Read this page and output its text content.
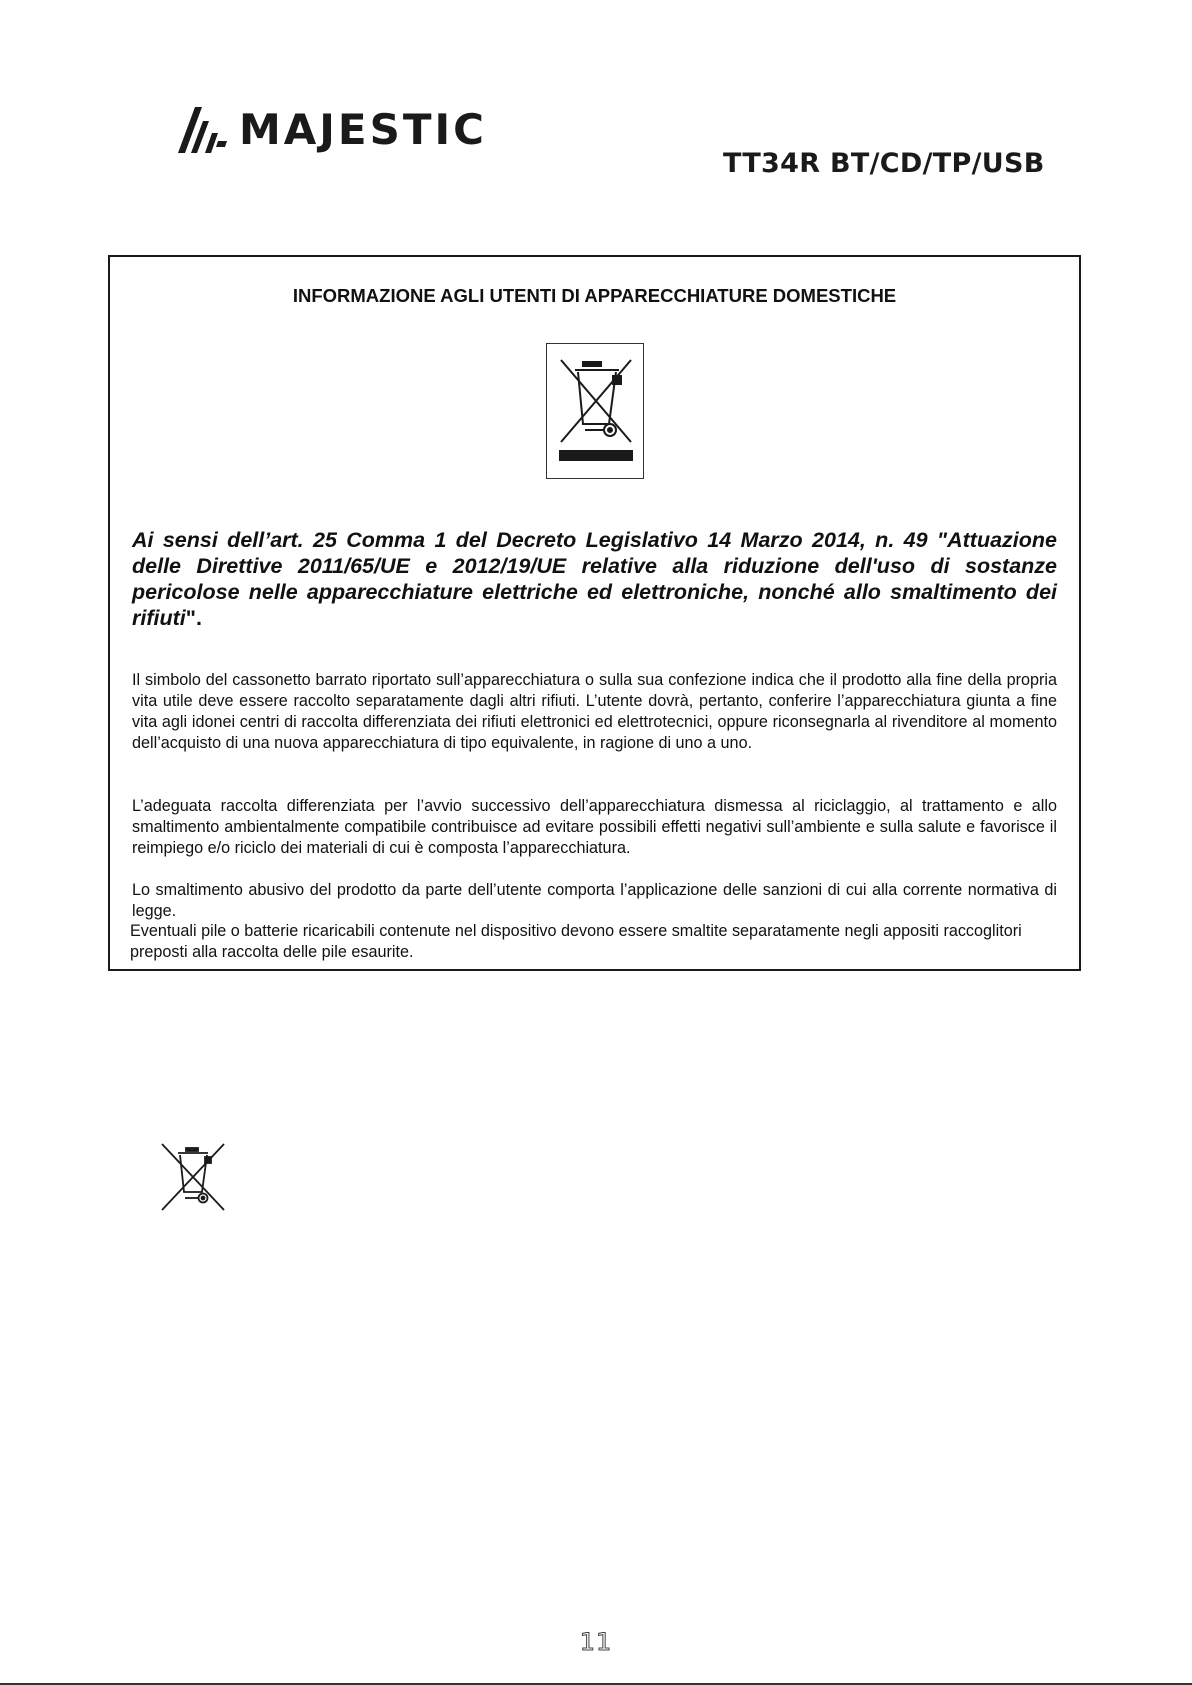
MAJESTIC
TT34R BT/CD/TP/USB
INFORMAZIONE AGLI UTENTI DI APPARECCHIATURE DOMESTICHE
Ai sensi dell’art. 25 Comma 1 del Decreto Legislativo 14 Marzo 2014, n. 49 "Attuazione delle Direttive 2011/65/UE e 2012/19/UE relative alla riduzione dell'uso di sostanze pericolose nelle apparecchiature elettriche ed elettroniche, nonché allo smaltimento dei rifiuti".
Il simbolo del cassonetto barrato riportato sull’apparecchiatura o sulla sua confezione indica che il prodotto alla fine della propria vita utile deve essere raccolto separatamente dagli altri rifiuti. L’utente dovrà, pertanto, conferire l’apparecchiatura giunta a fine vita agli idonei centri di raccolta differenziata dei rifiuti elettronici ed elettrotecnici, oppure riconsegnarla al rivenditore al momento dell’acquisto di una nuova apparecchiatura di tipo equivalente, in ragione di uno a uno.
L’adeguata raccolta differenziata per l’avvio successivo dell’apparecchiatura dismessa al riciclaggio, al trattamento e allo smaltimento ambientalmente compatibile contribuisce ad evitare possibili effetti negativi sull’ambiente e sulla salute e favorisce il reimpiego e/o riciclo dei materiali di cui è composta l’apparecchiatura.
Lo smaltimento abusivo del prodotto da parte dell’utente comporta l’applicazione delle sanzioni di cui alla corrente normativa di legge.
Eventuali pile o batterie ricaricabili contenute nel dispositivo devono essere smaltite separatamente negli appositi raccoglitori preposti alla raccolta delle pile esaurite.
11
